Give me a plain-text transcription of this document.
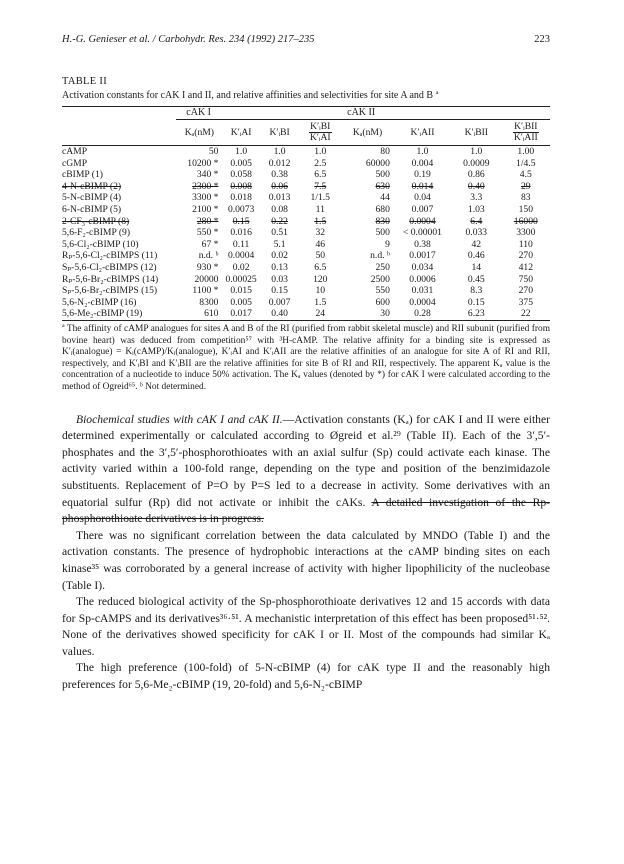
H.-G. Genieser et al. / Carbohydr. Res. 234 (1992) 217–235	223
TABLE II
Activation constants for cAK I and II, and relative affinities and selectivities for site A and B ª
	cAK I				cAK II			
	Kₐ(nM)	K′ᵢAI	K′ᵢBI	$\frac{\text{K′ᵢBI}}{\text{K′ᵢAI}}$	Kₐ(nM)	K′ᵢAII	K′ᵢBII	$\frac{\text{K′ᵢBII}}{\text{K′ᵢAII}}$

cAMP	50	1.0	1.0	1.0	80	1.0	1.0	1.00
cGMP	10200 *	0.005	0.012	2.5	60000	0.004	0.0009	1/4.5
cBIMP (1)	340 *	0.058	0.38	6.5	500	0.19	0.86	4.5
4-N-cBIMP (2)	2300 *	0.008	0.06	7.5	630	0.014	0.40	29
5-N-cBIMP (4)	3300 *	0.018	0.013	1/1.5	44	0.04	3.3	83
6-N-cBIMP (5)	2100 *	0.0073	0.08	11	680	0.007	1.03	150
2-CF₃-cBIMP (8)	280 *	0.15	0.22	1.5	830	0.0004	6.4	16000
5,6-F₂-cBIMP (9)	550 *	0.016	0.51	32	500	< 0.00001	0.033	3300
5,6-Cl₂-cBIMP (10)	67 *	0.11	5.1	46	9	0.38	42	110
Rₚ-5,6-Cl₂-cBIMPS (11)	n.d. ᵇ	0.0004	0.02	50	n.d. ᵇ	0.0017	0.46	270
Sₚ-5,6-Cl₂-cBIMPS (12)	930 *	0.02	0.13	6.5	250	0.034	14	412
Rₚ-5,6-Br₂-cBIMPS (14)	20000	0.00025	0.03	120	2500	0.0006	0.45	750
Sₚ-5,6-Br₂-cBIMPS (15)	1100 *	0.015	0.15	10	550	0.031	8.3	270
5,6-N₂-cBIMP (16)	8300	0.005	0.007	1.5	600	0.0004	0.15	375
5,6-Me₂-cBIMP (19)	610	0.017	0.40	24	30	0.28	6.23	22
ª The affinity of cAMP analogues for sites A and B of the RI (purified from rabbit skeletal muscle) and RII subunit (purified from bovine heart) was deduced from competition⁵⁷ with ³H-cAMP. The relative affinity for a binding site is expressed as K′ᵢ(analogue) = Kᵢ(cAMP)/Kᵢ(analogue), K′ᵢAI and K′ᵢAII are the relative affinities of an analogue for site A of RI and RII, respectively, and K′ᵢBI and K′ᵢBII are the relative affinities for site B of RI and RII, respectively. The apparent Kₐ value is the concentration of a nucleotide to induce 50% activation. The Kₐ values (denoted by *) for cAK I were calculated according to the method of Ogreid⁶⁵. ᵇ Not determined.

Biochemical studies with cAK I and cAK II.—Activation constants (Kₐ) for cAK I and II were either determined experimentally or calculated according to Øgreid et al.²⁹ (Table II). Each of the 3′,5′-phosphates and the 3′,5′-phosphorothioates with an axial sulfur (Sp) could activate each kinase. The activity varied within a 100-fold range, depending on the type and position of the benzimidazole substituents. Replacement of P=O by P=S led to a decrease in activity. Some derivatives with an equatorial sulfur (Rp) did not activate or inhibit the cAKs. A detailed investigation of the Rp-phosphorothioate derivatives is in progress.

There was no significant correlation between the data calculated by MNDO (Table I) and the activation constants. The presence of hydrophobic interactions at the cAMP binding sites on each kinase³⁵ was corroborated by a general increase of activity with higher lipophilicity of the nucleobase (Table I).

The reduced biological activity of the Sp-phosphorothioate derivatives 12 and 15 accords with data for Sp-cAMPS and its derivatives³⁶·⁵¹. A mechanistic interpretation of this effect has been proposed⁵¹·⁵². None of the derivatives showed specificity for cAK I or II. Most of the compounds had similar Kₐ values.

The high preference (100-fold) of 5-N-cBIMP (4) for cAK type II and the reasonably high preferences for 5,6-Me₂-cBIMP (19, 20-fold) and 5,6-N₂-cBIMP
